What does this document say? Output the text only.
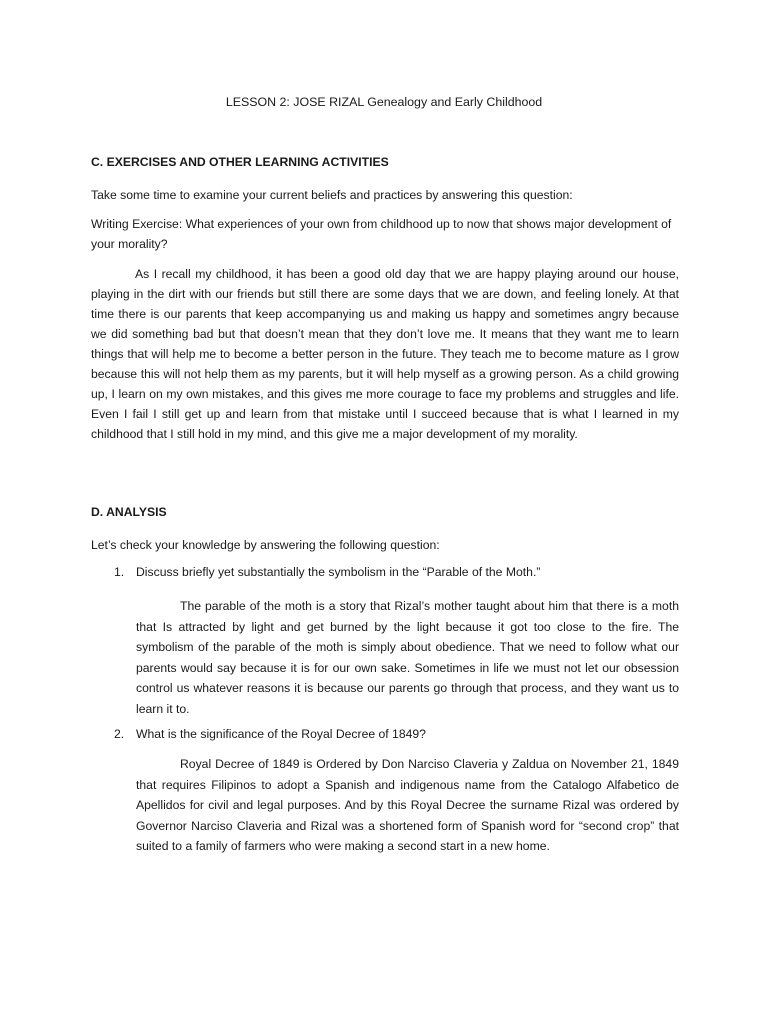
LESSON 2: JOSE RIZAL Genealogy and Early Childhood
C. EXERCISES AND OTHER LEARNING ACTIVITIES
Take some time to examine your current beliefs and practices by answering this question:
Writing Exercise: What experiences of your own from childhood up to now that shows major development of your morality?
As I recall my childhood, it has been a good old day that we are happy playing around our house, playing in the dirt with our friends but still there are some days that we are down, and feeling lonely. At that time there is our parents that keep accompanying us and making us happy and sometimes angry because we did something bad but that doesn’t mean that they don’t love me. It means that they want me to learn things that will help me to become a better person in the future. They teach me to become mature as I grow because this will not help them as my parents, but it will help myself as a growing person. As a child growing up, I learn on my own mistakes, and this gives me more courage to face my problems and struggles and life. Even I fail I still get up and learn from that mistake until I succeed because that is what I learned in my childhood that I still hold in my mind, and this give me a major development of my morality.
D. ANALYSIS
Let’s check your knowledge by answering the following question:
1. Discuss briefly yet substantially the symbolism in the “Parable of the Moth.”
The parable of the moth is a story that Rizal’s mother taught about him that there is a moth that Is attracted by light and get burned by the light because it got too close to the fire. The symbolism of the parable of the moth is simply about obedience. That we need to follow what our parents would say because it is for our own sake. Sometimes in life we must not let our obsession control us whatever reasons it is because our parents go through that process, and they want us to learn it to.
2. What is the significance of the Royal Decree of 1849?
Royal Decree of 1849 is Ordered by Don Narciso Claveria y Zaldua on November 21, 1849 that requires Filipinos to adopt a Spanish and indigenous name from the Catalogo Alfabetico de Apellidos for civil and legal purposes. And by this Royal Decree the surname Rizal was ordered by Governor Narciso Claveria and Rizal was a shortened form of Spanish word for “second crop” that suited to a family of farmers who were making a second start in a new home.
